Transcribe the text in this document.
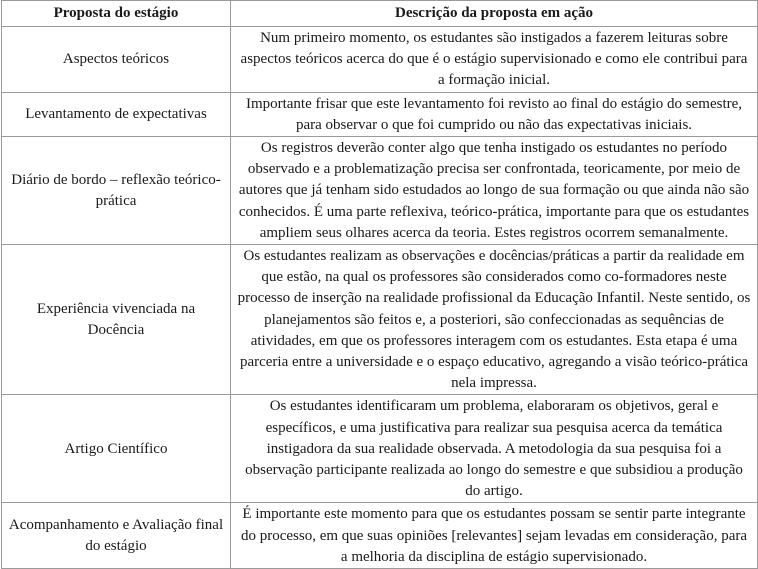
Proposta do estágio	Descrição da proposta em ação
Aspectos teóricos	Num primeiro momento, os estudantes são instigados a fazerem leituras sobre aspectos teóricos acerca do que é o estágio supervisionado e como ele contribui para a formação inicial.
Levantamento de expectativas	Importante frisar que este levantamento foi revisto ao final do estágio do semestre, para observar o que foi cumprido ou não das expectativas iniciais.
Diário de bordo – reflexão teórico-prática	Os registros deverão conter algo que tenha instigado os estudantes no período observado e a problematização precisa ser confrontada, teoricamente, por meio de autores que já tenham sido estudados ao longo de sua formação ou que ainda não são conhecidos. É uma parte reflexiva, teórico-prática, importante para que os estudantes ampliem seus olhares acerca da teoria. Estes registros ocorrem semanalmente.
Experiência vivenciada na Docência	Os estudantes realizam as observações e docências/práticas a partir da realidade em que estão, na qual os professores são considerados como co-formadores neste processo de inserção na realidade profissional da Educação Infantil. Neste sentido, os planejamentos são feitos e, a posteriori, são confeccionadas as sequências de atividades, em que os professores interagem com os estudantes. Esta etapa é uma parceria entre a universidade e o espaço educativo, agregando a visão teórico-prática nela impressa.
Artigo Científico	Os estudantes identificaram um problema, elaboraram os objetivos, geral e específicos, e uma justificativa para realizar sua pesquisa acerca da temática instigadora da sua realidade observada. A metodologia da sua pesquisa foi a observação participante realizada ao longo do semestre e que subsidiou a produção do artigo.
Acompanhamento e Avaliação final do estágio	É importante este momento para que os estudantes possam se sentir parte integrante do processo, em que suas opiniões [relevantes] sejam levadas em consideração, para a melhoria da disciplina de estágio supervisionado.
